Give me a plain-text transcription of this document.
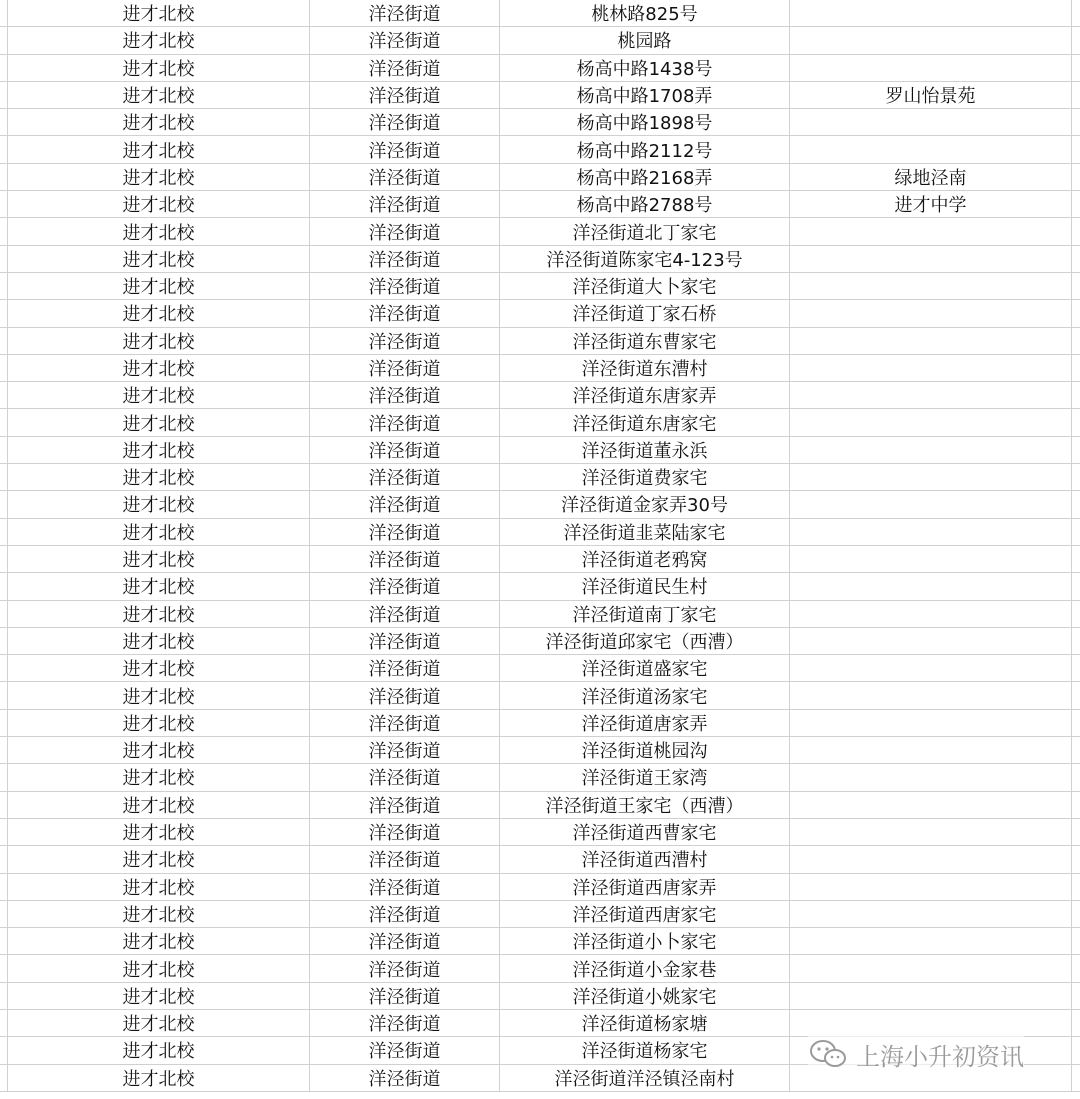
进才北校	洋泾街道	桃林路825号
进才北校	洋泾街道	桃园路
进才北校	洋泾街道	杨高中路1438号
进才北校	洋泾街道	杨高中路1708弄	罗山怡景苑
进才北校	洋泾街道	杨高中路1898号
进才北校	洋泾街道	杨高中路2112号
进才北校	洋泾街道	杨高中路2168弄	绿地泾南
进才北校	洋泾街道	杨高中路2788号	进才中学
进才北校	洋泾街道	洋泾街道北丁家宅
进才北校	洋泾街道	洋泾街道陈家宅4-123号
进才北校	洋泾街道	洋泾街道大卜家宅
进才北校	洋泾街道	洋泾街道丁家石桥
进才北校	洋泾街道	洋泾街道东曹家宅
进才北校	洋泾街道	洋泾街道东漕村
进才北校	洋泾街道	洋泾街道东唐家弄
进才北校	洋泾街道	洋泾街道东唐家宅
进才北校	洋泾街道	洋泾街道董永浜
进才北校	洋泾街道	洋泾街道费家宅
进才北校	洋泾街道	洋泾街道金家弄30号
进才北校	洋泾街道	洋泾街道韭菜陆家宅
进才北校	洋泾街道	洋泾街道老鸦窝
进才北校	洋泾街道	洋泾街道民生村
进才北校	洋泾街道	洋泾街道南丁家宅
进才北校	洋泾街道	洋泾街道邱家宅（西漕）
进才北校	洋泾街道	洋泾街道盛家宅
进才北校	洋泾街道	洋泾街道汤家宅
进才北校	洋泾街道	洋泾街道唐家弄
进才北校	洋泾街道	洋泾街道桃园沟
进才北校	洋泾街道	洋泾街道王家湾
进才北校	洋泾街道	洋泾街道王家宅（西漕）
进才北校	洋泾街道	洋泾街道西曹家宅
进才北校	洋泾街道	洋泾街道西漕村
进才北校	洋泾街道	洋泾街道西唐家弄
进才北校	洋泾街道	洋泾街道西唐家宅
进才北校	洋泾街道	洋泾街道小卜家宅
进才北校	洋泾街道	洋泾街道小金家巷
进才北校	洋泾街道	洋泾街道小姚家宅
进才北校	洋泾街道	洋泾街道杨家塘
进才北校	洋泾街道	洋泾街道杨家宅
进才北校	洋泾街道	洋泾街道洋泾镇泾南村
上海小升初资讯
